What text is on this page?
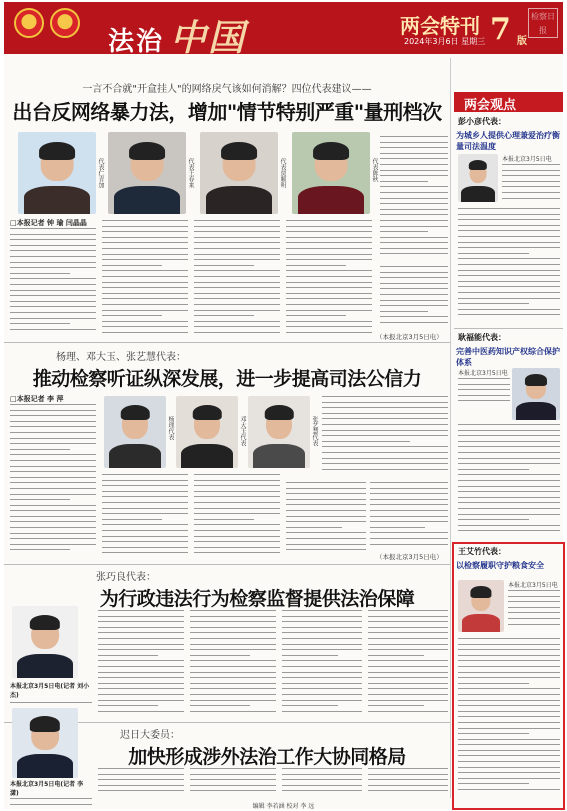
法治 中国	两会特刊
2024年3月6日 星期三 7 版
检察日报
一言不合就"开盒挂人"的网络戾气该如何消解？四位代表建议——
出台反网络暴力法，增加"情节特别严重"量刑档次
代表仁青加	代表王春来	代表贾顺明	代表陈秋
□本报记者 钟 瑜 闫晶晶
（本报北京3月5日电）
杨理、邓大玉、张艺慧代表：
推动检察听证纵深发展，进一步提高司法公信力
□本报记者 李 萍
杨理代表	邓大玉代表	张艺慧代表
（本报北京3月5日电）
张巧良代表：
为行政违法行为检察监督提供法治保障
本报北京3月5日电(记者 刘小杰)
迟日大委员：
加快形成涉外法治工作大协同格局
本报北京3月5日电(记者 李 潇)
两会观点
彭小彦代表：
为城乡人提供心理兼爱治疗衡量司法温度
本报北京3月5日电
耿福能代表：
完善中医药知识产权综合保护体系
本报北京3月5日电
王艾竹代表：
以检察履职守护粮食安全
本报北京3月5日电
编辑 李若涵 校对 李 远
